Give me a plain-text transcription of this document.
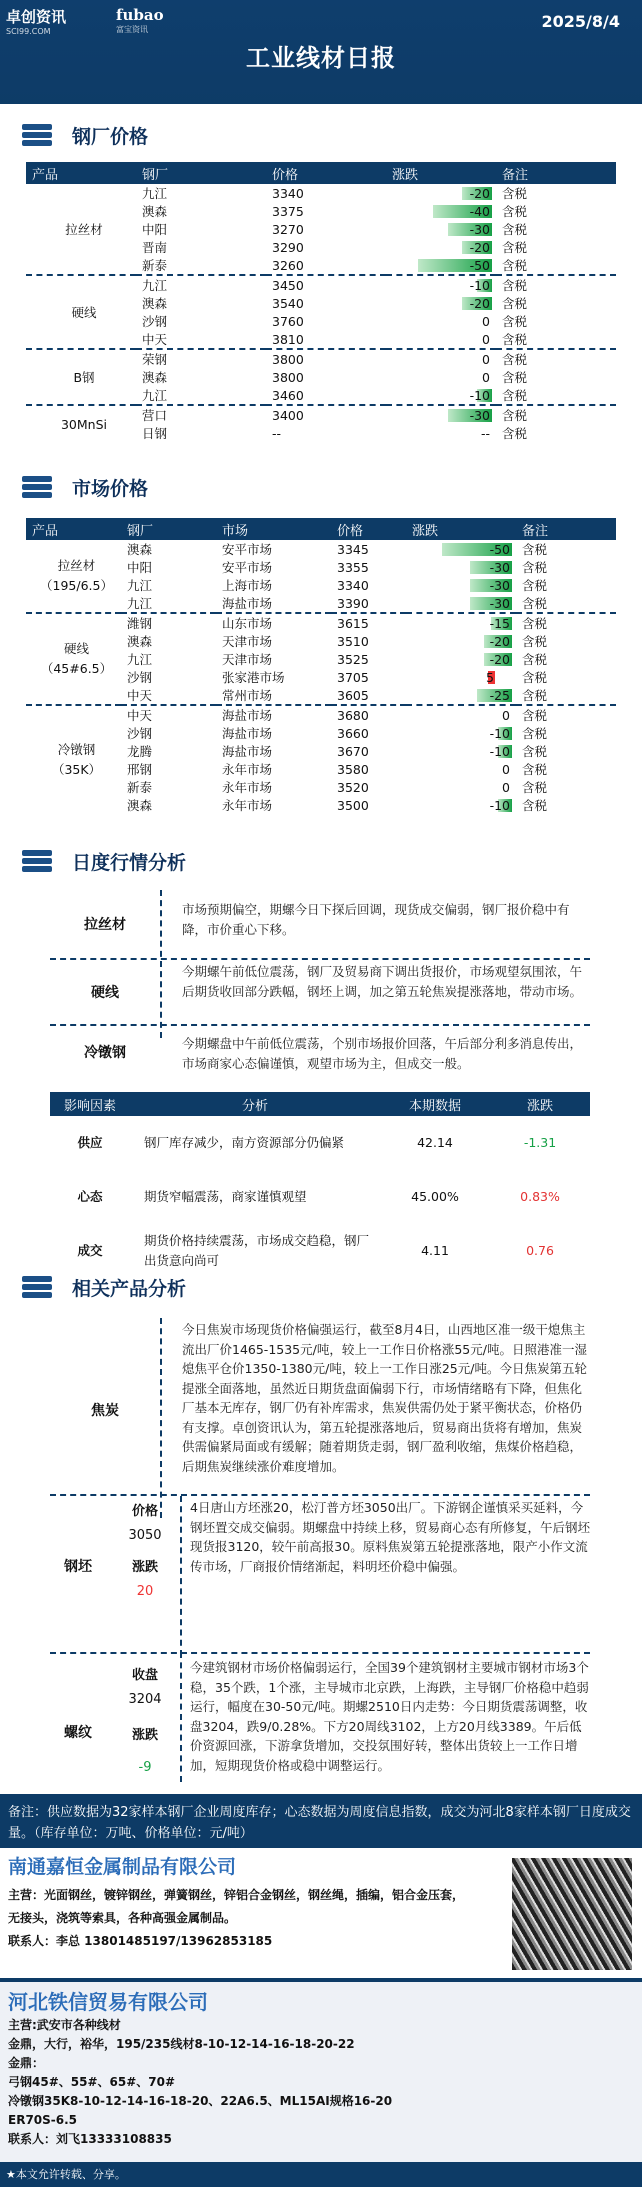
卓创资讯
SCI99.COM
fubao
富宝资讯	2025/8/4
工业线材日报
钢厂价格
产品	钢厂	价格	涨跌	备注
拉丝材	九江	3340	-20	含税
	澳森	3375	-40	含税
	中阳	3270	-30	含税
	晋南	3290	-20	含税
	新泰	3260	-50	含税
硬线	九江	3450	-10	含税
	澳森	3540	-20	含税
	沙钢	3760	0	含税
	中天	3810	0	含税
B钢	荣钢	3800	0	含税
	澳森	3800	0	含税
	九江	3460	-10	含税
30MnSi	营口	3400	-30	含税
	日钢	--	--	含税
市场价格
产品	钢厂	市场	价格	涨跌	备注

拉丝材
（195/6.5）	澳森	安平市场	3345	-50	含税
	中阳	安平市场	3355	-30	含税
	九江	上海市场	3340	-30	含税
	九江	海盐市场	3390	-30	含税

硬线
（45#6.5）	潍钢	山东市场	3615	-15	含税
	澳森	天津市场	3510	-20	含税
	九江	天津市场	3525	-20	含税
	沙钢	张家港市场	3705	5	含税
	中天	常州市场	3605	-25	含税

冷镦钢
（35K）	中天	海盐市场	3680	0	含税
	沙钢	海盐市场	3660	-10	含税
	龙腾	海盐市场	3670	-10	含税
	邢钢	永年市场	3580	0	含税
	新泰	永年市场	3520	0	含税
	澳森	永年市场	3500	-10	含税
日度行情分析
拉丝材
市场预期偏空，期螺今日下探后回调，现货成交偏弱，钢厂报价稳中有降，市价重心下移。
硬线
今期螺午前低位震荡，钢厂及贸易商下调出货报价，市场观望氛围浓，午后期货收回部分跌幅，钢坯上调，加之第五轮焦炭提涨落地，带动市场。
冷镦钢
今期螺盘中午前低位震荡，个别市场报价回落，午后部分利多消息传出，市场商家心态偏谨慎，观望市场为主，但成交一般。
影响因素	分析	本期数据	涨跌
供应	钢厂库存减少，南方资源部分仍偏紧	42.14	-1.31
心态	期货窄幅震荡，商家谨慎观望	45.00%	0.83%
成交	期货价格持续震荡，市场成交趋稳，钢厂出货意向尚可	4.11	0.76
相关产品分析
焦炭
今日焦炭市场现货价格偏强运行，截至8月4日，山西地区准一级干熄焦主流出厂价1465-1535元/吨，较上一工作日价格涨55元/吨。日照港准一湿熄焦平仓价1350-1380元/吨，较上一工作日涨25元/吨。今日焦炭第五轮提涨全面落地，虽然近日期货盘面偏弱下行，市场情绪略有下降，但焦化厂基本无库存，钢厂仍有补库需求，焦炭供需仍处于紧平衡状态，价格仍有支撑。卓创资讯认为，第五轮提涨落地后，贸易商出货将有增加，焦炭供需偏紧局面或有缓解；随着期货走弱，钢厂盈利收缩，焦煤价格趋稳，后期焦炭继续涨价难度增加。
钢坯
价格
3050
涨跌
20
4日唐山方坯涨20，松汀普方坯3050出厂。下游钢企谨慎采买延料，今钢坯置交成交偏弱。期螺盘中持续上移，贸易商心态有所修复，午后钢坯现货报3120，较午前高报30。原料焦炭第五轮提涨落地，限产小作文流传市场，厂商报价情绪渐起，料明坯价稳中偏强。
螺纹
收盘
3204
涨跌
-9
今建筑钢材市场价格偏弱运行，全国39个建筑钢材主要城市钢材市场3个稳，35个跌，1个涨，主导城市北京跌，上海跌，主导钢厂价格稳中趋弱运行，幅度在30-50元/吨。期螺2510日内走势：今日期货震荡调整，收盘3204，跌9/0.28%。下方20周线3102，上方20月线3389。午后低价资源回涨，下游拿货增加，交投氛围好转，整体出货较上一工作日增加，短期现货价格或稳中调整运行。
备注：供应数据为32家样本钢厂企业周度库存；心态数据为周度信息指数，成交为河北8家样本钢厂日度成交量。（库存单位：万吨、价格单位：元/吨）
南通嘉恒金属制品有限公司

主营：光面钢丝，镀锌钢丝，弹簧钢丝，锌铝合金钢丝，钢丝绳，插编，铝合金压套，

无接头，浇筑等索具，各种高强金属制品。

联系人：李总 13801485197/13962853185

河北铁信贸易有限公司

主营:武安市各种线材

金鼎，大行，裕华，195/235线材8-10-12-14-16-18-20-22

金鼎：

弓钢45#、55#、65#、70#

冷镦钢35K8-10-12-14-16-18-20、22A6.5、ML15AI规格16-20

ER70S-6.5

联系人：刘飞13333108835

★本文允许转载、分享。
